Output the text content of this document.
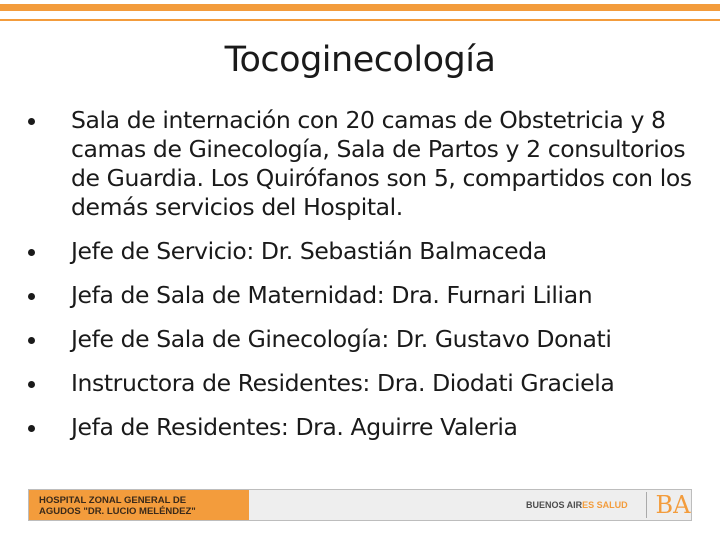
Tocoginecología
Sala de internación con 20 camas de Obstetricia y 8 camas de Ginecología, Sala de Partos y 2 consultorios de Guardia. Los Quirófanos son 5, compartidos con los demás servicios del Hospital.
Jefe de Servicio: Dr. Sebastián Balmaceda
Jefa de Sala de Maternidad: Dra. Furnari Lilian
Jefe de Sala de Ginecología: Dr. Gustavo Donati
Instructora de Residentes: Dra. Diodati Graciela
Jefa de Residentes: Dra. Aguirre Valeria
HOSPITAL ZONAL GENERAL DE
AGUDOS "DR. LUCIO MELÉNDEZ"
BUENOS AIRES SALUD BA
